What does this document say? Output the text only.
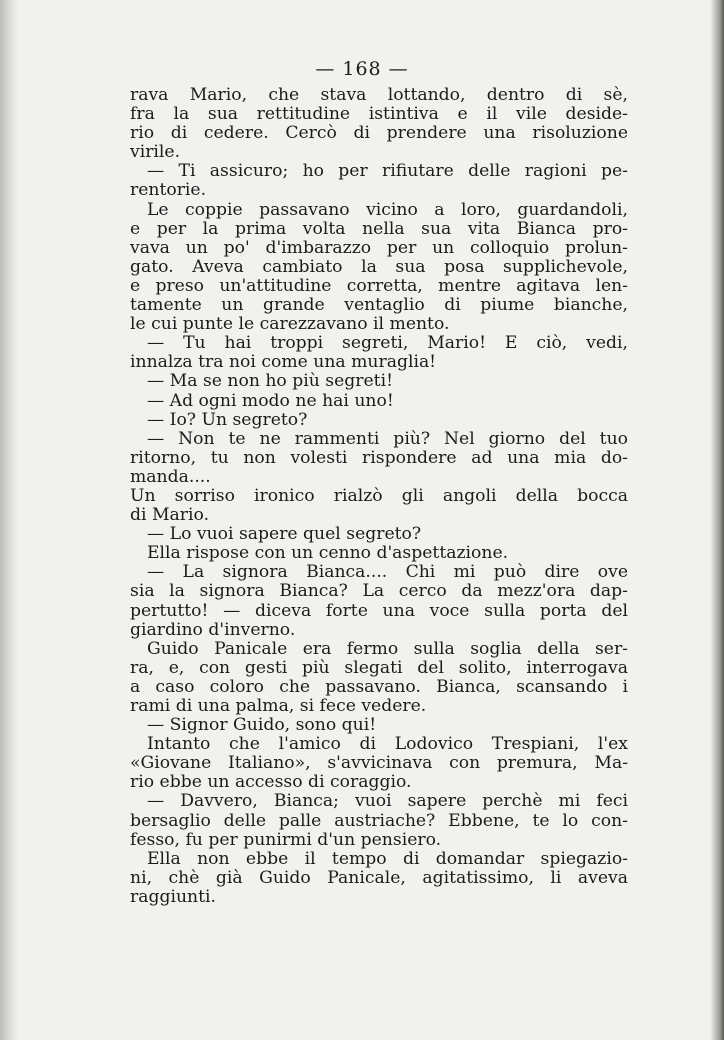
— 168 —
rava Mario, che stava lottando, dentro di sè,
fra la sua rettitudine istintiva e il vile deside-
rio di cedere. Cercò di prendere una risoluzione
virile.
— Ti assicuro; ho per rifiutare delle ragioni pe-
rentorie.
Le coppie passavano vicino a loro, guardandoli,
e per la prima volta nella sua vita Bianca pro-
vava un po' d'imbarazzo per un colloquio prolun-
gato. Aveva cambiato la sua posa supplichevole,
e preso un'attitudine corretta, mentre agitava len-
tamente un grande ventaglio di piume bianche,
le cui punte le carezzavano il mento.
— Tu hai troppi segreti, Mario! E ciò, vedi,
innalza tra noi come una muraglia!
— Ma se non ho più segreti!
— Ad ogni modo ne hai uno!
— Io? Un segreto?
— Non te ne rammenti più? Nel giorno del tuo
ritorno, tu non volesti rispondere ad una mia do-
manda....
Un sorriso ironico rialzò gli angoli della bocca
di Mario.
— Lo vuoi sapere quel segreto?
Ella rispose con un cenno d'aspettazione.
— La signora Bianca.... Chi mi può dire ove
sia la signora Bianca? La cerco da mezz'ora dap-
pertutto! — diceva forte una voce sulla porta del
giardino d'inverno.
Guido Panicale era fermo sulla soglia della ser-
ra, e, con gesti più slegati del solito, interrogava
a caso coloro che passavano. Bianca, scansando i
rami di una palma, si fece vedere.
— Signor Guido, sono qui!
Intanto che l'amico di Lodovico Trespiani, l'ex
«Giovane Italiano», s'avvicinava con premura, Ma-
rio ebbe un accesso di coraggio.
— Davvero, Bianca; vuoi sapere perchè mi feci
bersaglio delle palle austriache? Ebbene, te lo con-
fesso, fu per punirmi d'un pensiero.
Ella non ebbe il tempo di domandar spiegazio-
ni, chè già Guido Panicale, agitatissimo, li aveva
raggiunti.
